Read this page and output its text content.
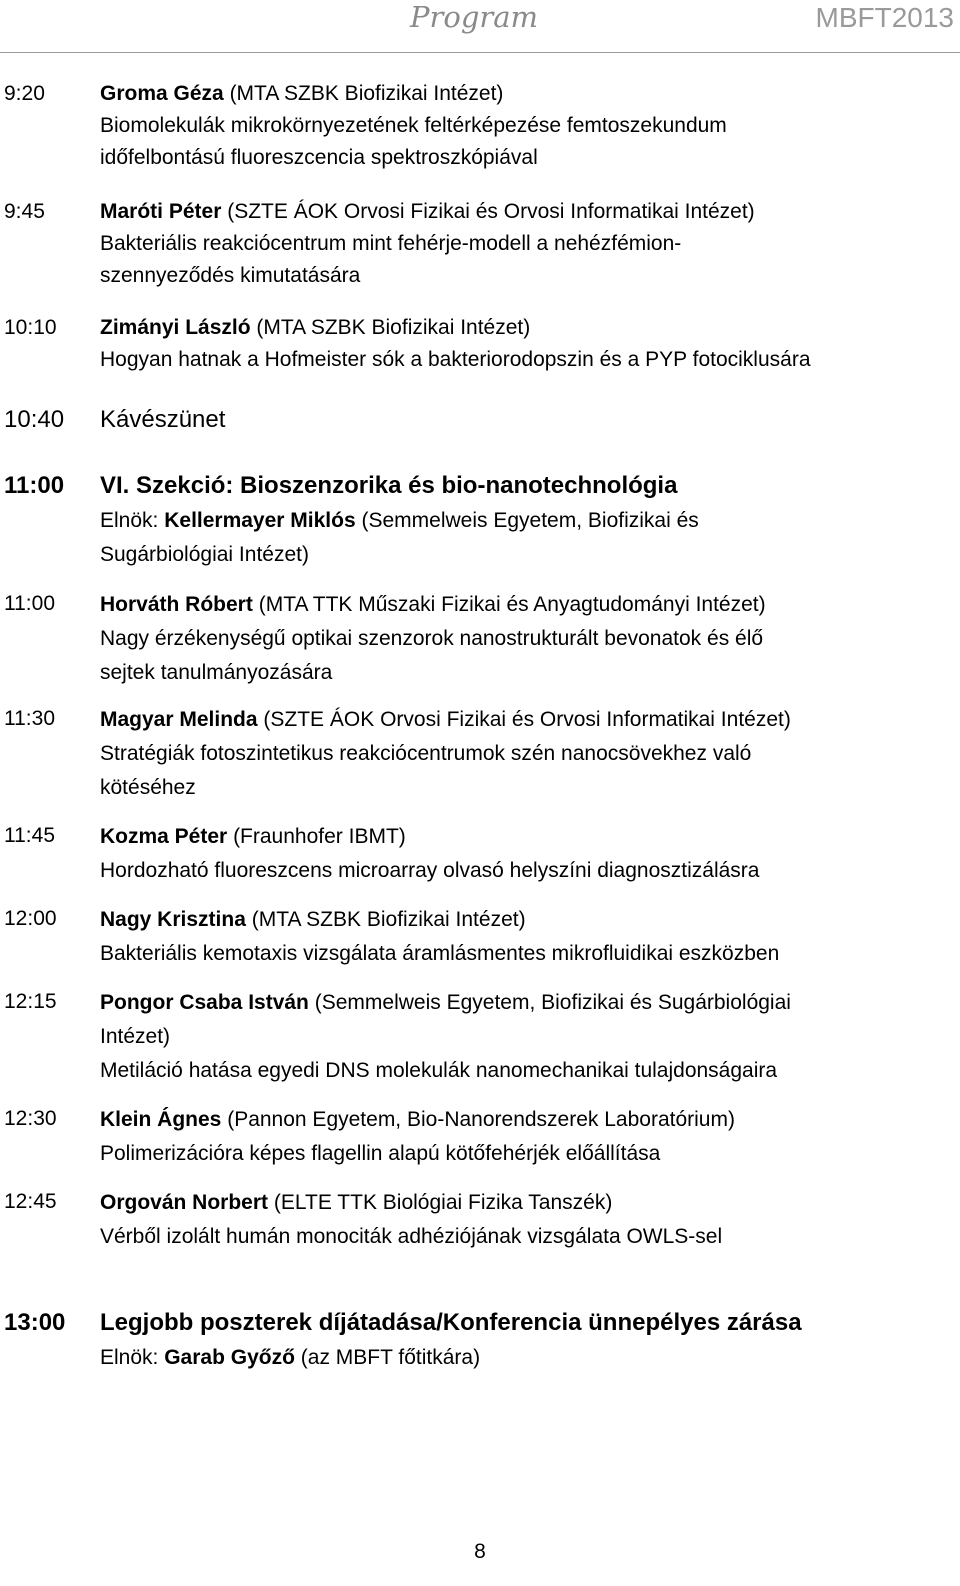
Program	MBFT2013
9:20	Groma Géza (MTA SZBK Biofizikai Intézet)
Biomolekulák mikrokörnyezetének feltérképezése femtoszekundum
időfelbontású fluoreszcencia spektroszkópiával
9:45	Maróti Péter (SZTE ÁOK Orvosi Fizikai és Orvosi Informatikai Intézet)
Bakteriális reakciócentrum mint fehérje-modell a nehézfémion-
szennyeződés kimutatására
10:10 Zimányi László (MTA SZBK Biofizikai Intézet)
Hogyan hatnak a Hofmeister sók a bakteriorodopszin és a PYP fotociklusára
10:40 Kávészünet
11:00 VI. Szekció: Bioszenzorika és bio-nanotechnológia
Elnök: Kellermayer Miklós (Semmelweis Egyetem, Biofizikai és
Sugárbiológiai Intézet)
11:00 Horváth Róbert (MTA TTK Műszaki Fizikai és Anyagtudományi Intézet)
Nagy érzékenységű optikai szenzorok nanostrukturált bevonatok és élő
sejtek tanulmányozására
11:30 Magyar Melinda (SZTE ÁOK Orvosi Fizikai és Orvosi Informatikai Intézet)
Stratégiák fotoszintetikus reakciócentrumok szén nanocsövekhez való
kötéséhez
11:45 Kozma Péter (Fraunhofer IBMT)
Hordozható fluoreszcens microarray olvasó helyszíni diagnosztizálásra
12:00 Nagy Krisztina (MTA SZBK Biofizikai Intézet)
Bakteriális kemotaxis vizsgálata áramlásmentes mikrofluidikai eszközben
12:15 Pongor Csaba István (Semmelweis Egyetem, Biofizikai és Sugárbiológiai
Intézet)
Metiláció hatása egyedi DNS molekulák nanomechanikai tulajdonságaira
12:30 Klein Ágnes (Pannon Egyetem, Bio-Nanorendszerek Laboratórium)
Polimerizációra képes flagellin alapú kötőfehérjék előállítása
12:45 Orgován Norbert (ELTE TTK Biológiai Fizika Tanszék)
Vérből izolált humán monociták adhéziójának vizsgálata OWLS-sel
13:00 Legjobb poszterek díjátadása/Konferencia ünnepélyes zárása
Elnök: Garab Győző (az MBFT főtitkára)
8
